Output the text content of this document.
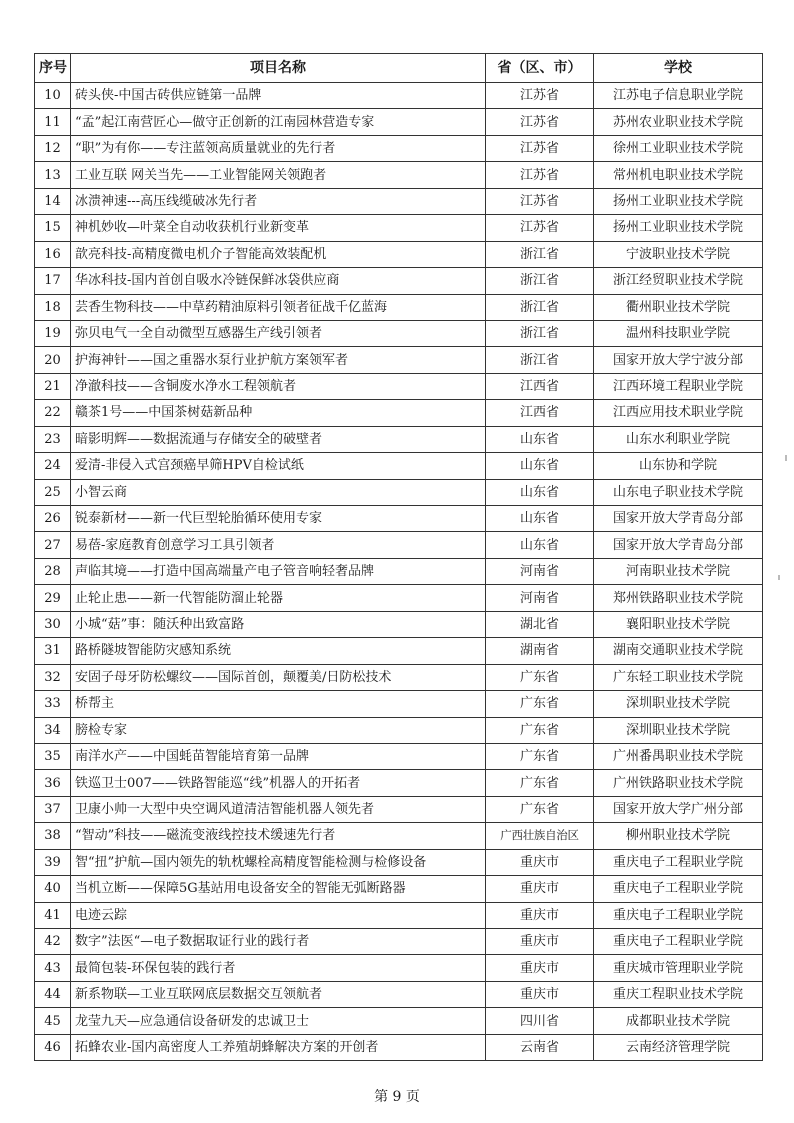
序号	项目名称	省（区、市）	学校
10	砖头侠-中国古砖供应链第一品牌	江苏省	江苏电子信息职业学院
11	“孟”起江南营匠心—做守正创新的江南园林营造专家	江苏省	苏州农业职业技术学院
12	“职”为有你——专注蓝领高质量就业的先行者	江苏省	徐州工业职业技术学院
13	工业互联 网关当先——工业智能网关领跑者	江苏省	常州机电职业技术学院
14	冰溃神速---高压线缆破冰先行者	江苏省	扬州工业职业技术学院
15	神机妙收—叶菜全自动收获机行业新变革	江苏省	扬州工业职业技术学院
16	歆亮科技-高精度微电机介子智能高效装配机	浙江省	宁波职业技术学院
17	华冰科技-国内首创自吸水冷链保鲜冰袋供应商	浙江省	浙江经贸职业技术学院
18	芸香生物科技——中草药精油原料引领者征战千亿蓝海	浙江省	衢州职业技术学院
19	弥贝电气一全自动微型互感器生产线引领者	浙江省	温州科技职业学院
20	护海神针——国之重器水泵行业护航方案领军者	浙江省	国家开放大学宁波分部
21	净澈科技——含铜废水净水工程领航者	江西省	江西环境工程职业学院
22	赣茶1号——中国茶树菇新品种	江西省	江西应用技术职业学院
23	暗影明辉——数据流通与存储安全的破壁者	山东省	山东水利职业学院
24	爱清-非侵入式宫颈癌早筛HPV自检试纸	山东省	山东协和学院
25	小智云商	山东省	山东电子职业技术学院
26	锐泰新材——新一代巨型轮胎循环使用专家	山东省	国家开放大学青岛分部
27	易蓓-家庭教育创意学习工具引领者	山东省	国家开放大学青岛分部
28	声临其境——打造中国高端量产电子管音响轻奢品牌	河南省	河南职业技术学院
29	止轮止患——新一代智能防溜止轮器	河南省	郑州铁路职业技术学院
30	小城“菇”事：随沃种出致富路	湖北省	襄阳职业技术学院
31	路桥隧坡智能防灾感知系统	湖南省	湖南交通职业技术学院
32	安固子母牙防松螺纹——国际首创，颠覆美/日防松技术	广东省	广东轻工职业技术学院
33	桥帮主	广东省	深圳职业技术学院
34	膀检专家	广东省	深圳职业技术学院
35	南洋水产——中国蚝苗智能培育第一品牌	广东省	广州番禺职业技术学院
36	铁巡卫士007——铁路智能巡“线”机器人的开拓者	广东省	广州铁路职业技术学院
37	卫康小帅一大型中央空调风道清洁智能机器人领先者	广东省	国家开放大学广州分部
38	“智动”科技——磁流变液线控技术缓速先行者	广西壮族自治区	柳州职业技术学院
39	智“扭”护航—国内领先的轨枕螺栓高精度智能检测与检修设备	重庆市	重庆电子工程职业学院
40	当机立断——保障5G基站用电设备安全的智能无弧断路器	重庆市	重庆电子工程职业学院
41	电迹云踪	重庆市	重庆电子工程职业学院
42	数字”法医“—电子数据取证行业的践行者	重庆市	重庆电子工程职业学院
43	最简包装-环保包装的践行者	重庆市	重庆城市管理职业学院
44	新系物联—工业互联网底层数据交互领航者	重庆市	重庆工程职业技术学院
45	龙莹九天—应急通信设备研发的忠诚卫士	四川省	成都职业技术学院
46	拓蜂农业-国内高密度人工养殖胡蜂解决方案的开创者	云南省	云南经济管理学院
第 9 页
